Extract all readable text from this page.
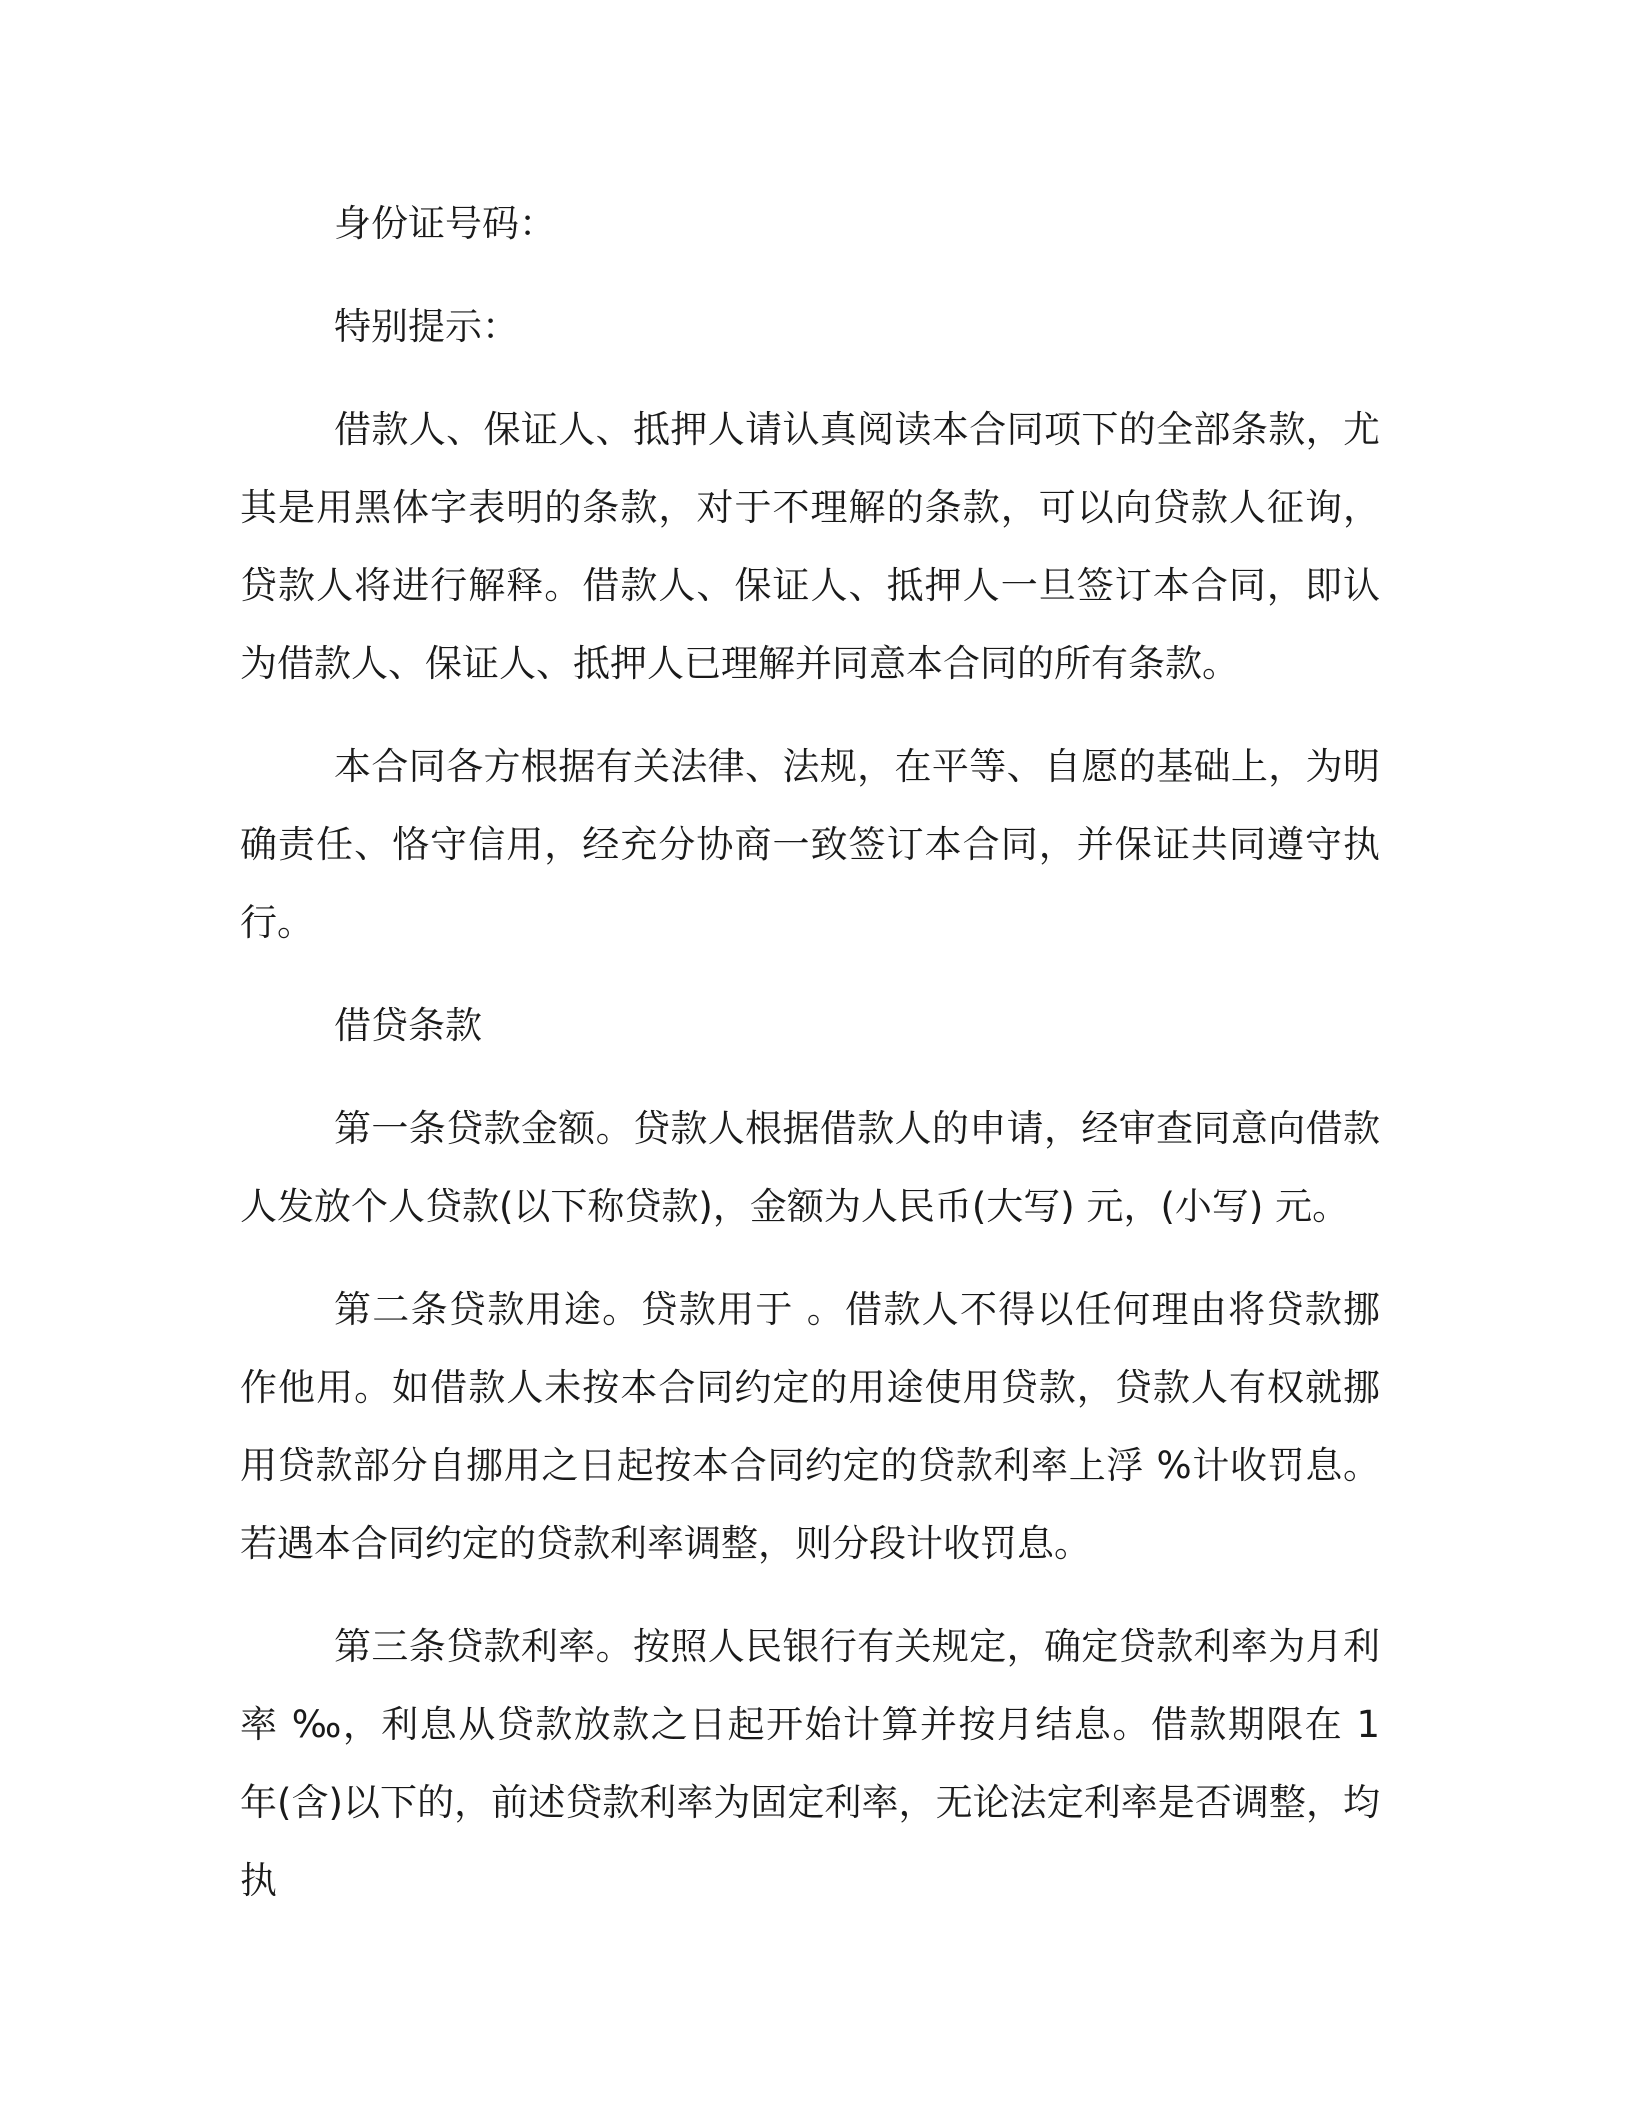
身份证号码：

特别提示：

借款人、保证人、抵押人请认真阅读本合同项下的全部条款，尤其是用黑体字表明的条款，对于不理解的条款，可以向贷款人征询，贷款人将进行解释。借款人、保证人、抵押人一旦签订本合同，即认为借款人、保证人、抵押人已理解并同意本合同的所有条款。

本合同各方根据有关法律、法规，在平等、自愿的基础上，为明确责任、恪守信用，经充分协商一致签订本合同，并保证共同遵守执行。

借贷条款

第一条贷款金额。贷款人根据借款人的申请，经审查同意向借款人发放个人贷款(以下称贷款)，金额为人民币(大写) 元，(小写) 元。

第二条贷款用途。贷款用于 。借款人不得以任何理由将贷款挪作他用。如借款人未按本合同约定的用途使用贷款，贷款人有权就挪用贷款部分自挪用之日起按本合同约定的贷款利率上浮 %计收罚息。若遇本合同约定的贷款利率调整，则分段计收罚息。

第三条贷款利率。按照人民银行有关规定，确定贷款利率为月利率 ‰，利息从贷款放款之日起开始计算并按月结息。借款期限在 1 年(含)以下的，前述贷款利率为固定利率，无论法定利率是否调整，均执
